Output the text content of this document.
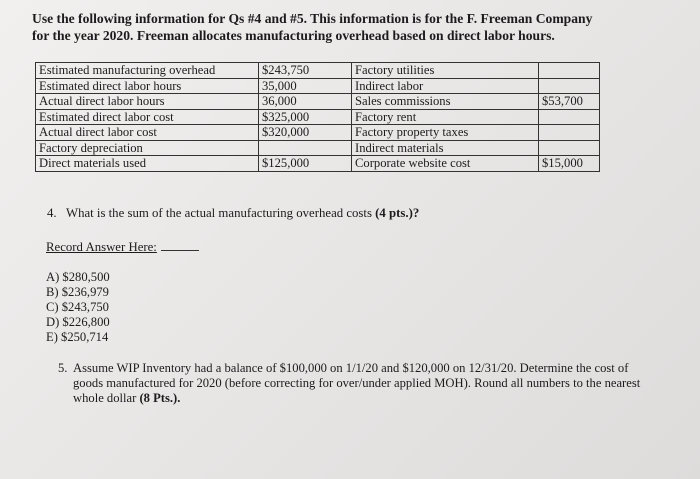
Use the following information for Qs #4 and #5. This information is for the F. Freeman Company
for the year 2020. Freeman allocates manufacturing overhead based on direct labor hours.
Estimated manufacturing overhead	$243,750	Factory utilities	
Estimated direct labor hours	35,000	Indirect labor	
Actual direct labor hours	36,000	Sales commissions	$53,700
Estimated direct labor cost	$325,000	Factory rent	
Actual direct labor cost	$320,000	Factory property taxes	
Factory depreciation		Indirect materials	
Direct materials used	$125,000	Corporate website cost	$15,000
4. What is the sum of the actual manufacturing overhead costs (4 pts.)?
Record Answer Here:
A) $280,500
B) $236,979
C) $243,750
D) $226,800
E) $250,714
5. Assume WIP Inventory had a balance of $100,000 on 1/1/20 and $120,000 on 12/31/20. Determine the cost of goods manufactured for 2020 (before correcting for over/under applied MOH). Round all numbers to the nearest whole dollar (8 Pts.).
